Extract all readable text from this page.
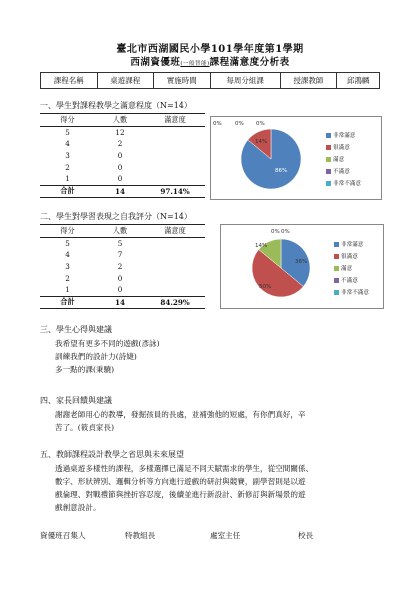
臺北市西湖國民小學101學年度第1學期
西湖資優班(一般智能)課程滿意度分析表
課程名稱	桌遊課程	實施時間	每周分組課	授課教師	邱鴻麟
一、學生對課程教學之滿意程度（N=14）
得分	人數	滿意度
5	12	
4	2	
3	0	
2	0	
1	0	
合計	14	97.14%
86%
14%
0% 0% 0%
非常滿意
很滿意
滿意
不滿意
非常不滿意
二、學生對學習表現之自我評分（N=14）
得分	人數	滿意度
5	5	
4	7	
3	2	
2	0	
1	0	
合計	14	84.29%
36%
50%
14%
0%
0%
非常滿意
很滿意
滿意
不滿意
非常不滿意
三、學生心得與建議
我希望有更多不同的遊戲(彥詠)
訓練我們的設計力(詩婕)
多一點的課(秉驍)
四、家長回饋與建議
謝謝老師用心的教導，發掘孩員的長處，並補強他的短處，有你們真好，辛
苦了。(筱貞家長)
五、教師課程設計教學之省思與未來展望
透過桌遊多樣性的課程，多樣選擇已滿足不同天賦需求的學生，從空間關係、
數字、形狀辨別、邏輯分析等方向進行遊戲的研討與競賽，副學習則是以遊
戲倫理、對戰禮節與挫折容忍度，後續並進行新設計、新修訂與新場景的遊
戲創意設計。
資優班召集人	特教組長	處室主任	校長
